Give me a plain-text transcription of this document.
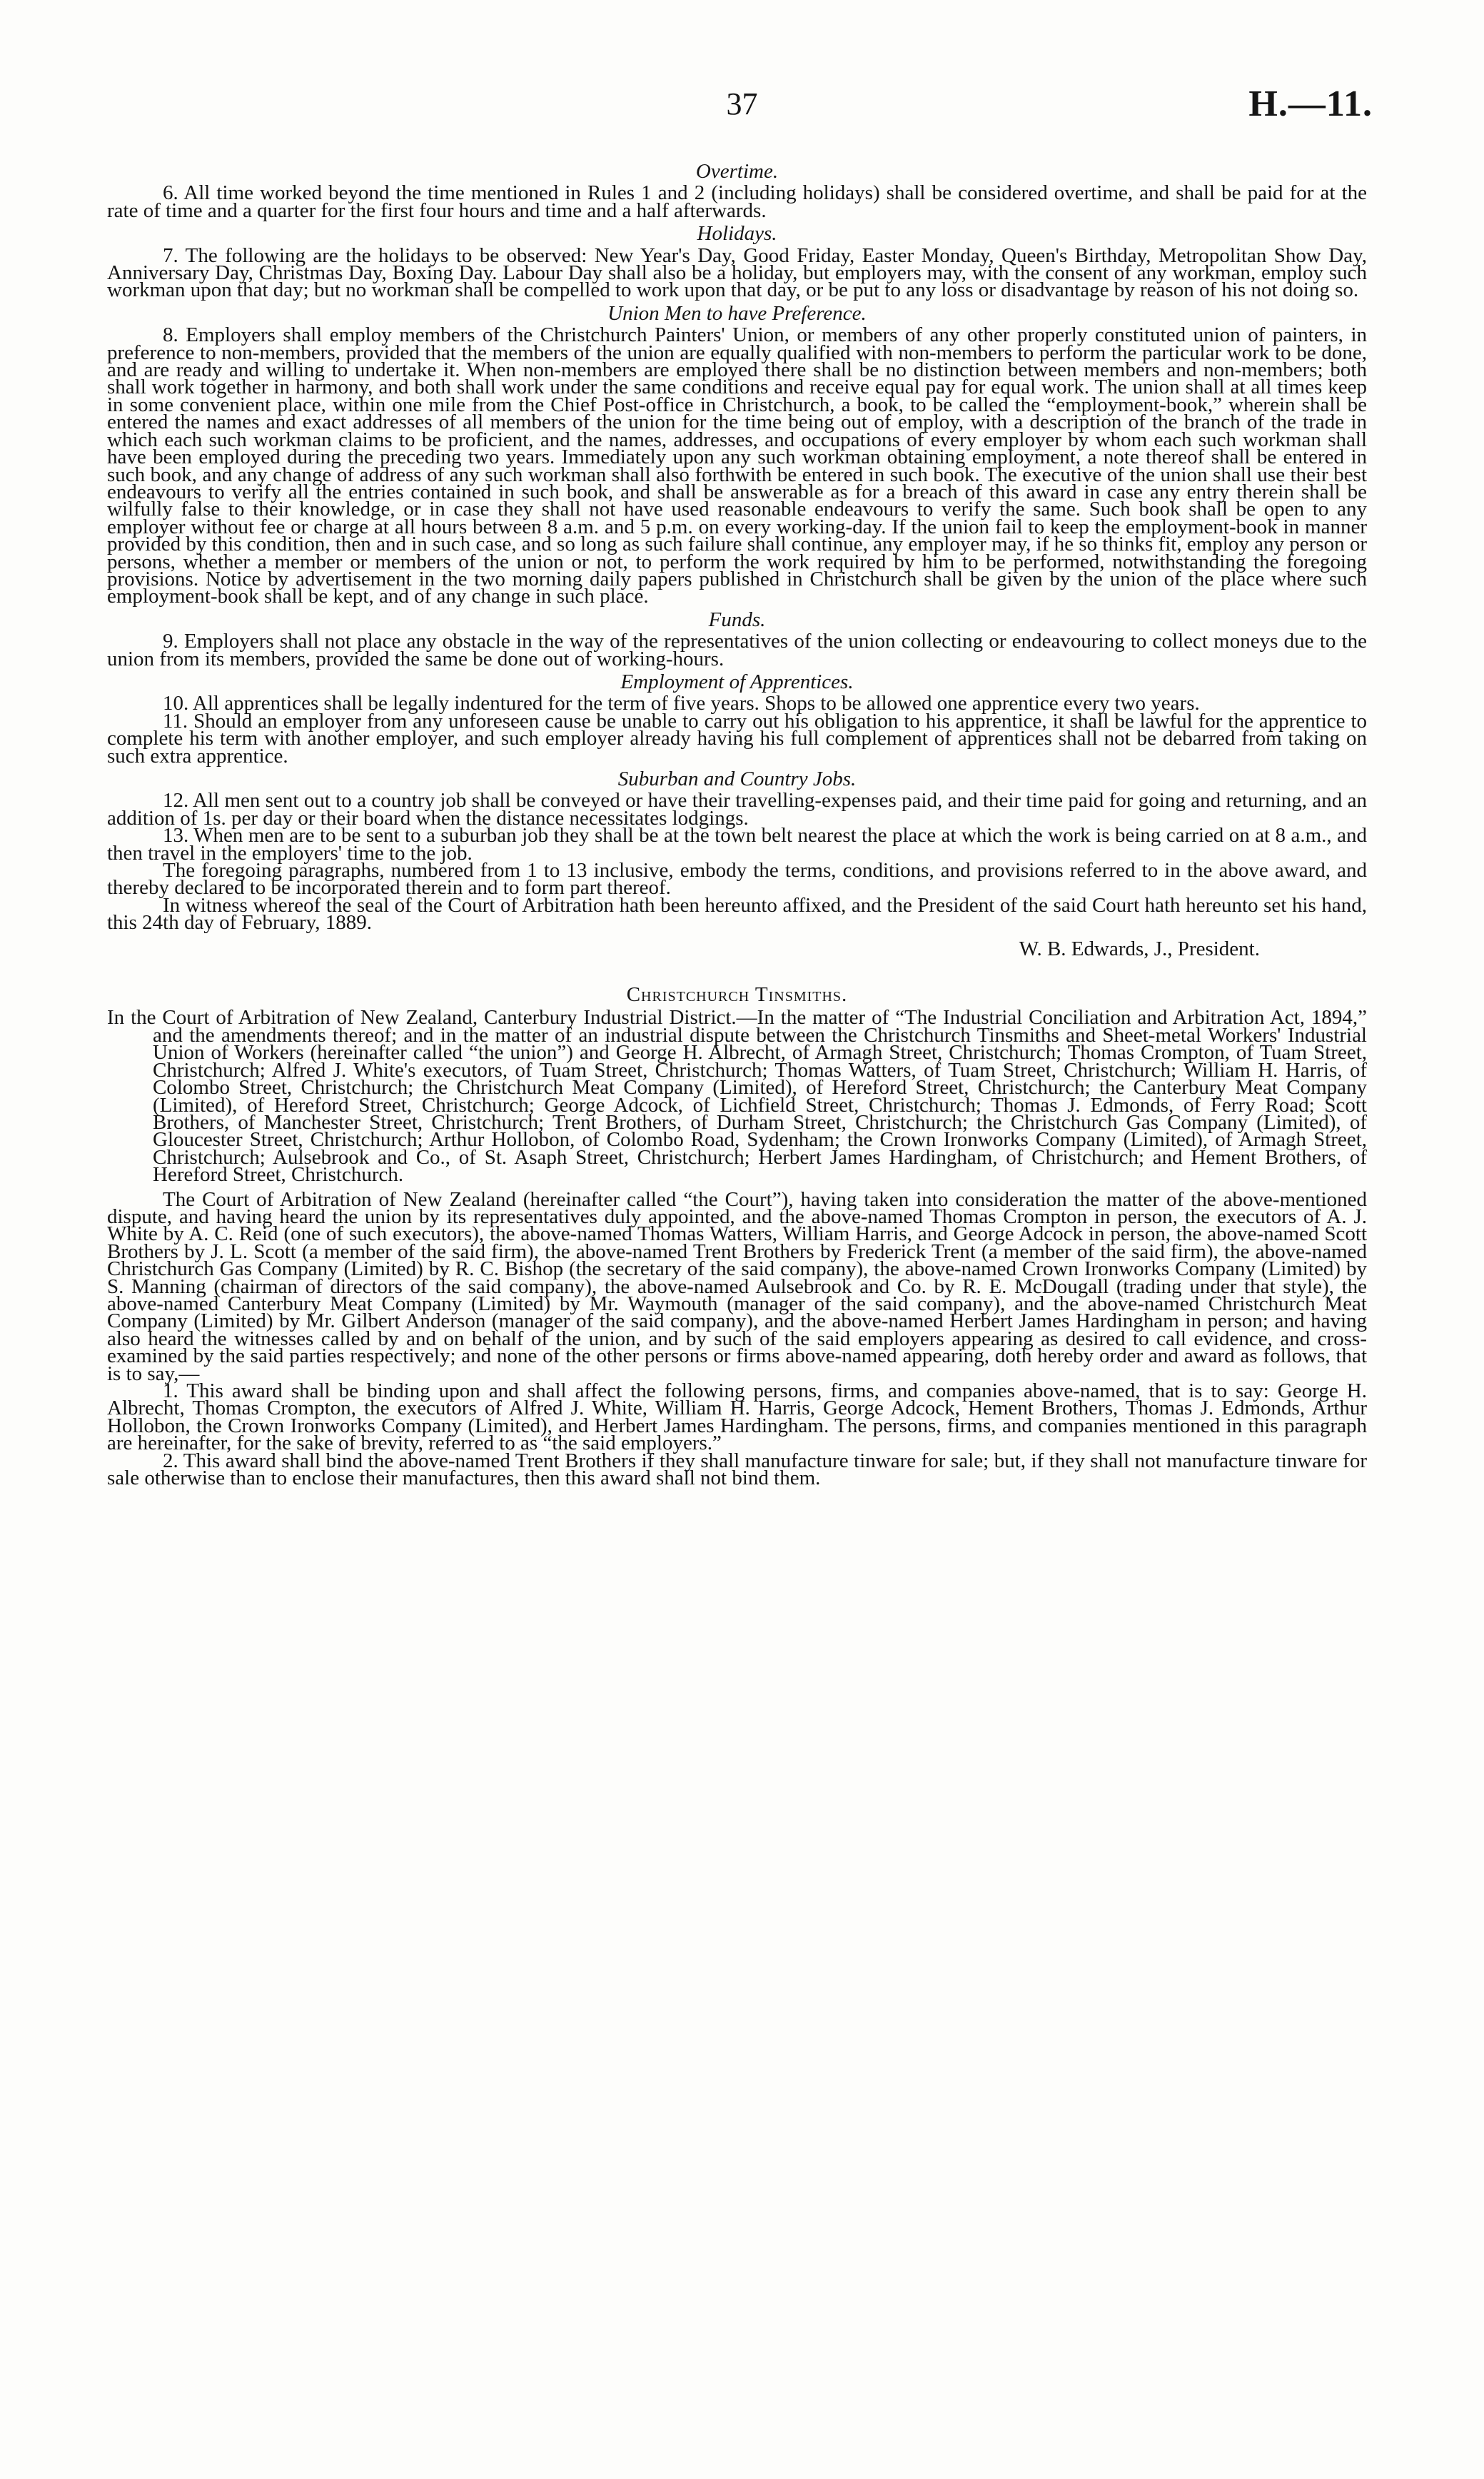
37	H.—11.
Overtime.

6. All time worked beyond the time mentioned in Rules 1 and 2 (including holidays) shall be considered overtime, and shall be paid for at the rate of time and a quarter for the first four hours and time and a half afterwards.

Holidays.

7. The following are the holidays to be observed: New Year's Day, Good Friday, Easter Monday, Queen's Birthday, Metropolitan Show Day, Anniversary Day, Christmas Day, Boxing Day. Labour Day shall also be a holiday, but employers may, with the consent of any workman, employ such workman upon that day; but no workman shall be compelled to work upon that day, or be put to any loss or disadvantage by reason of his not doing so.

Union Men to have Preference.

8. Employers shall employ members of the Christchurch Painters' Union, or members of any other properly constituted union of painters, in preference to non-members, provided that the members of the union are equally qualified with non-members to perform the particular work to be done, and are ready and willing to undertake it. When non-members are employed there shall be no distinction between members and non-members; both shall work together in harmony, and both shall work under the same conditions and receive equal pay for equal work. The union shall at all times keep in some convenient place, within one mile from the Chief Post-office in Christchurch, a book, to be called the “employment-book,” wherein shall be entered the names and exact addresses of all members of the union for the time being out of employ, with a description of the branch of the trade in which each such workman claims to be proficient, and the names, addresses, and occupations of every employer by whom each such workman shall have been employed during the preceding two years. Immediately upon any such workman obtaining employment, a note thereof shall be entered in such book, and any change of address of any such workman shall also forthwith be entered in such book. The executive of the union shall use their best endeavours to verify all the entries contained in such book, and shall be answerable as for a breach of this award in case any entry therein shall be wilfully false to their knowledge, or in case they shall not have used reasonable endeavours to verify the same. Such book shall be open to any employer without fee or charge at all hours between 8 a.m. and 5 p.m. on every working-day. If the union fail to keep the employment-book in manner provided by this condition, then and in such case, and so long as such failure shall continue, any employer may, if he so thinks fit, employ any person or persons, whether a member or members of the union or not, to perform the work required by him to be performed, notwithstanding the foregoing provisions. Notice by advertisement in the two morning daily papers published in Christchurch shall be given by the union of the place where such employment-book shall be kept, and of any change in such place.

Funds.

9. Employers shall not place any obstacle in the way of the representatives of the union collecting or endeavouring to collect moneys due to the union from its members, provided the same be done out of working-hours.

Employment of Apprentices.

10. All apprentices shall be legally indentured for the term of five years. Shops to be allowed one apprentice every two years.

11. Should an employer from any unforeseen cause be unable to carry out his obligation to his apprentice, it shall be lawful for the apprentice to complete his term with another employer, and such employer already having his full complement of apprentices shall not be debarred from taking on such extra apprentice.

Suburban and Country Jobs.

12. All men sent out to a country job shall be conveyed or have their travelling-expenses paid, and their time paid for going and returning, and an addition of 1s. per day or their board when the distance necessitates lodgings.

13. When men are to be sent to a suburban job they shall be at the town belt nearest the place at which the work is being carried on at 8 a.m., and then travel in the employers' time to the job.

The foregoing paragraphs, numbered from 1 to 13 inclusive, embody the terms, conditions, and provisions referred to in the above award, and thereby declared to be incorporated therein and to form part thereof.

In witness whereof the seal of the Court of Arbitration hath been hereunto affixed, and the President of the said Court hath hereunto set his hand, this 24th day of February, 1889.

W. B. Edwards, J., President.

Christchurch Tinsmiths.

In the Court of Arbitration of New Zealand, Canterbury Industrial District.—In the matter of “The Industrial Conciliation and Arbitration Act, 1894,” and the amendments thereof; and in the matter of an industrial dispute between the Christchurch Tinsmiths and Sheet-metal Workers' Industrial Union of Workers (hereinafter called “the union”) and George H. Albrecht, of Armagh Street, Christchurch; Thomas Crompton, of Tuam Street, Christchurch; Alfred J. White's executors, of Tuam Street, Christchurch; Thomas Watters, of Tuam Street, Christchurch; William H. Harris, of Colombo Street, Christchurch; the Christchurch Meat Company (Limited), of Hereford Street, Christchurch; the Canterbury Meat Company (Limited), of Hereford Street, Christchurch; George Adcock, of Lichfield Street, Christchurch; Thomas J. Edmonds, of Ferry Road; Scott Brothers, of Manchester Street, Christchurch; Trent Brothers, of Durham Street, Christchurch; the Christchurch Gas Company (Limited), of Gloucester Street, Christchurch; Arthur Hollobon, of Colombo Road, Sydenham; the Crown Ironworks Company (Limited), of Armagh Street, Christchurch; Aulsebrook and Co., of St. Asaph Street, Christchurch; Herbert James Hardingham, of Christchurch; and Hement Brothers, of Hereford Street, Christchurch.

The Court of Arbitration of New Zealand (hereinafter called “the Court”), having taken into consideration the matter of the above-mentioned dispute, and having heard the union by its representatives duly appointed, and the above-named Thomas Crompton in person, the executors of A. J. White by A. C. Reid (one of such executors), the above-named Thomas Watters, William Harris, and George Adcock in person, the above-named Scott Brothers by J. L. Scott (a member of the said firm), the above-named Trent Brothers by Frederick Trent (a member of the said firm), the above-named Christchurch Gas Company (Limited) by R. C. Bishop (the secretary of the said company), the above-named Crown Ironworks Company (Limited) by S. Manning (chairman of directors of the said company), the above-named Aulsebrook and Co. by R. E. McDougall (trading under that style), the above-named Canterbury Meat Company (Limited) by Mr. Waymouth (manager of the said company), and the above-named Christchurch Meat Company (Limited) by Mr. Gilbert Anderson (manager of the said company), and the above-named Herbert James Hardingham in person; and having also heard the witnesses called by and on behalf of the union, and by such of the said employers appearing as desired to call evidence, and cross-examined by the said parties respectively; and none of the other persons or firms above-named appearing, doth hereby order and award as follows, that is to say,—

1. This award shall be binding upon and shall affect the following persons, firms, and companies above-named, that is to say: George H. Albrecht, Thomas Crompton, the executors of Alfred J. White, William H. Harris, George Adcock, Hement Brothers, Thomas J. Edmonds, Arthur Hollobon, the Crown Ironworks Company (Limited), and Herbert James Hardingham. The persons, firms, and companies mentioned in this paragraph are hereinafter, for the sake of brevity, referred to as “the said employers.”

2. This award shall bind the above-named Trent Brothers if they shall manufacture tinware for sale; but, if they shall not manufacture tinware for sale otherwise than to enclose their manufactures, then this award shall not bind them.
